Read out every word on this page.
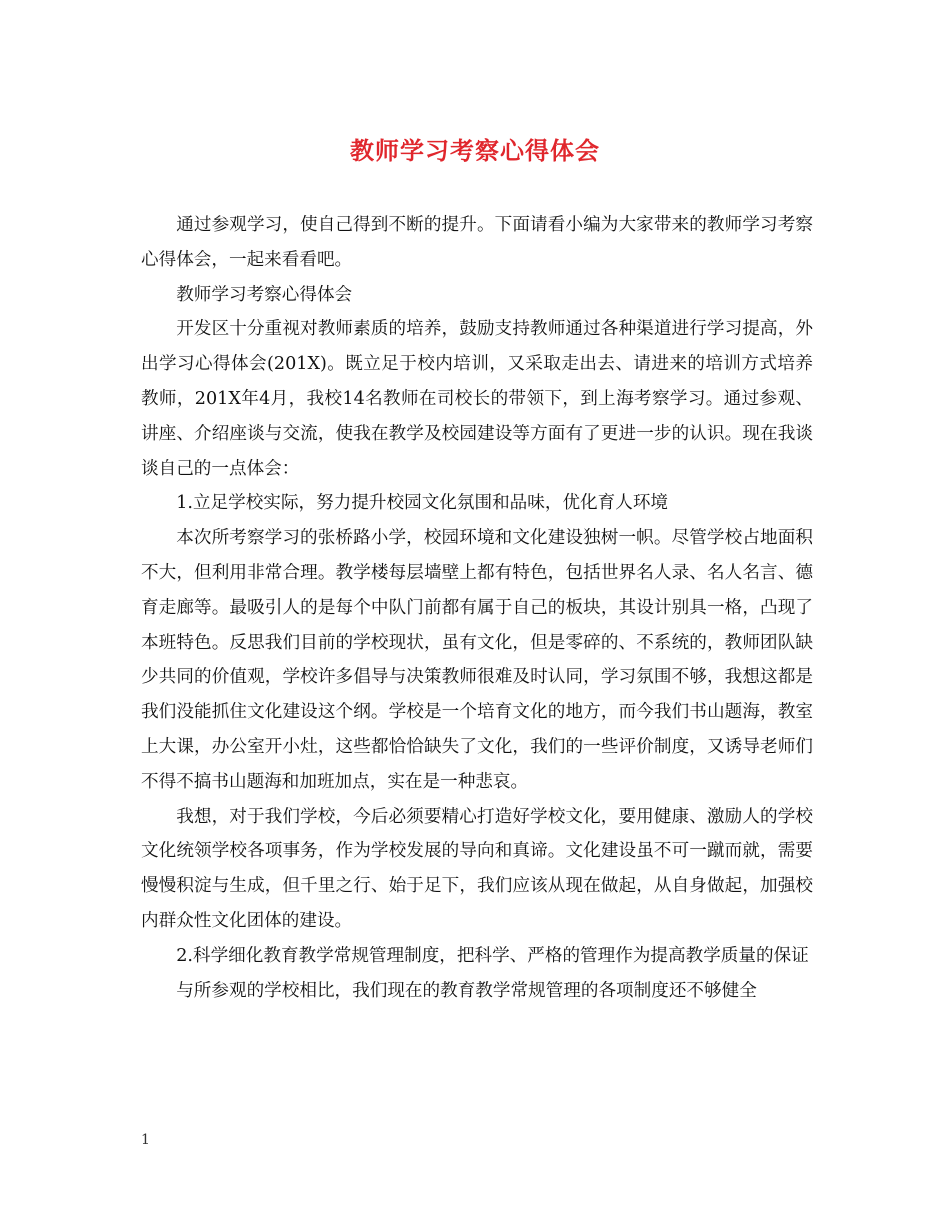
教师学习考察心得体会

通过参观学习，使自己得到不断的提升。下面请看小编为大家带来的教师学习考察心得体会，一起来看看吧。

教师学习考察心得体会

开发区十分重视对教师素质的培养，鼓励支持教师通过各种渠道进行学习提高，外出学习心得体会(201X)。既立足于校内培训，又采取走出去、请进来的培训方式培养教师，201X年4月，我校14名教师在司校长的带领下，到上海考察学习。通过参观、讲座、介绍座谈与交流，使我在教学及校园建设等方面有了更进一步的认识。现在我谈谈自己的一点体会：

1.立足学校实际，努力提升校园文化氛围和品味，优化育人环境

本次所考察学习的张桥路小学，校园环境和文化建设独树一帜。尽管学校占地面积不大，但利用非常合理。教学楼每层墙壁上都有特色，包括世界名人录、名人名言、德育走廊等。最吸引人的是每个中队门前都有属于自己的板块，其设计别具一格，凸现了本班特色。反思我们目前的学校现状，虽有文化，但是零碎的、不系统的，教师团队缺少共同的价值观，学校许多倡导与决策教师很难及时认同，学习氛围不够，我想这都是我们没能抓住文化建设这个纲。学校是一个培育文化的地方，而今我们书山题海，教室上大课，办公室开小灶，这些都恰恰缺失了文化，我们的一些评价制度，又诱导老师们不得不搞书山题海和加班加点，实在是一种悲哀。

我想，对于我们学校，今后必须要精心打造好学校文化，要用健康、激励人的学校文化统领学校各项事务，作为学校发展的导向和真谛。文化建设虽不可一蹴而就，需要慢慢积淀与生成，但千里之行、始于足下，我们应该从现在做起，从自身做起，加强校内群众性文化团体的建设。

2.科学细化教育教学常规管理制度，把科学、严格的管理作为提高教学质量的保证

与所参观的学校相比，我们现在的教育教学常规管理的各项制度还不够健全

1
